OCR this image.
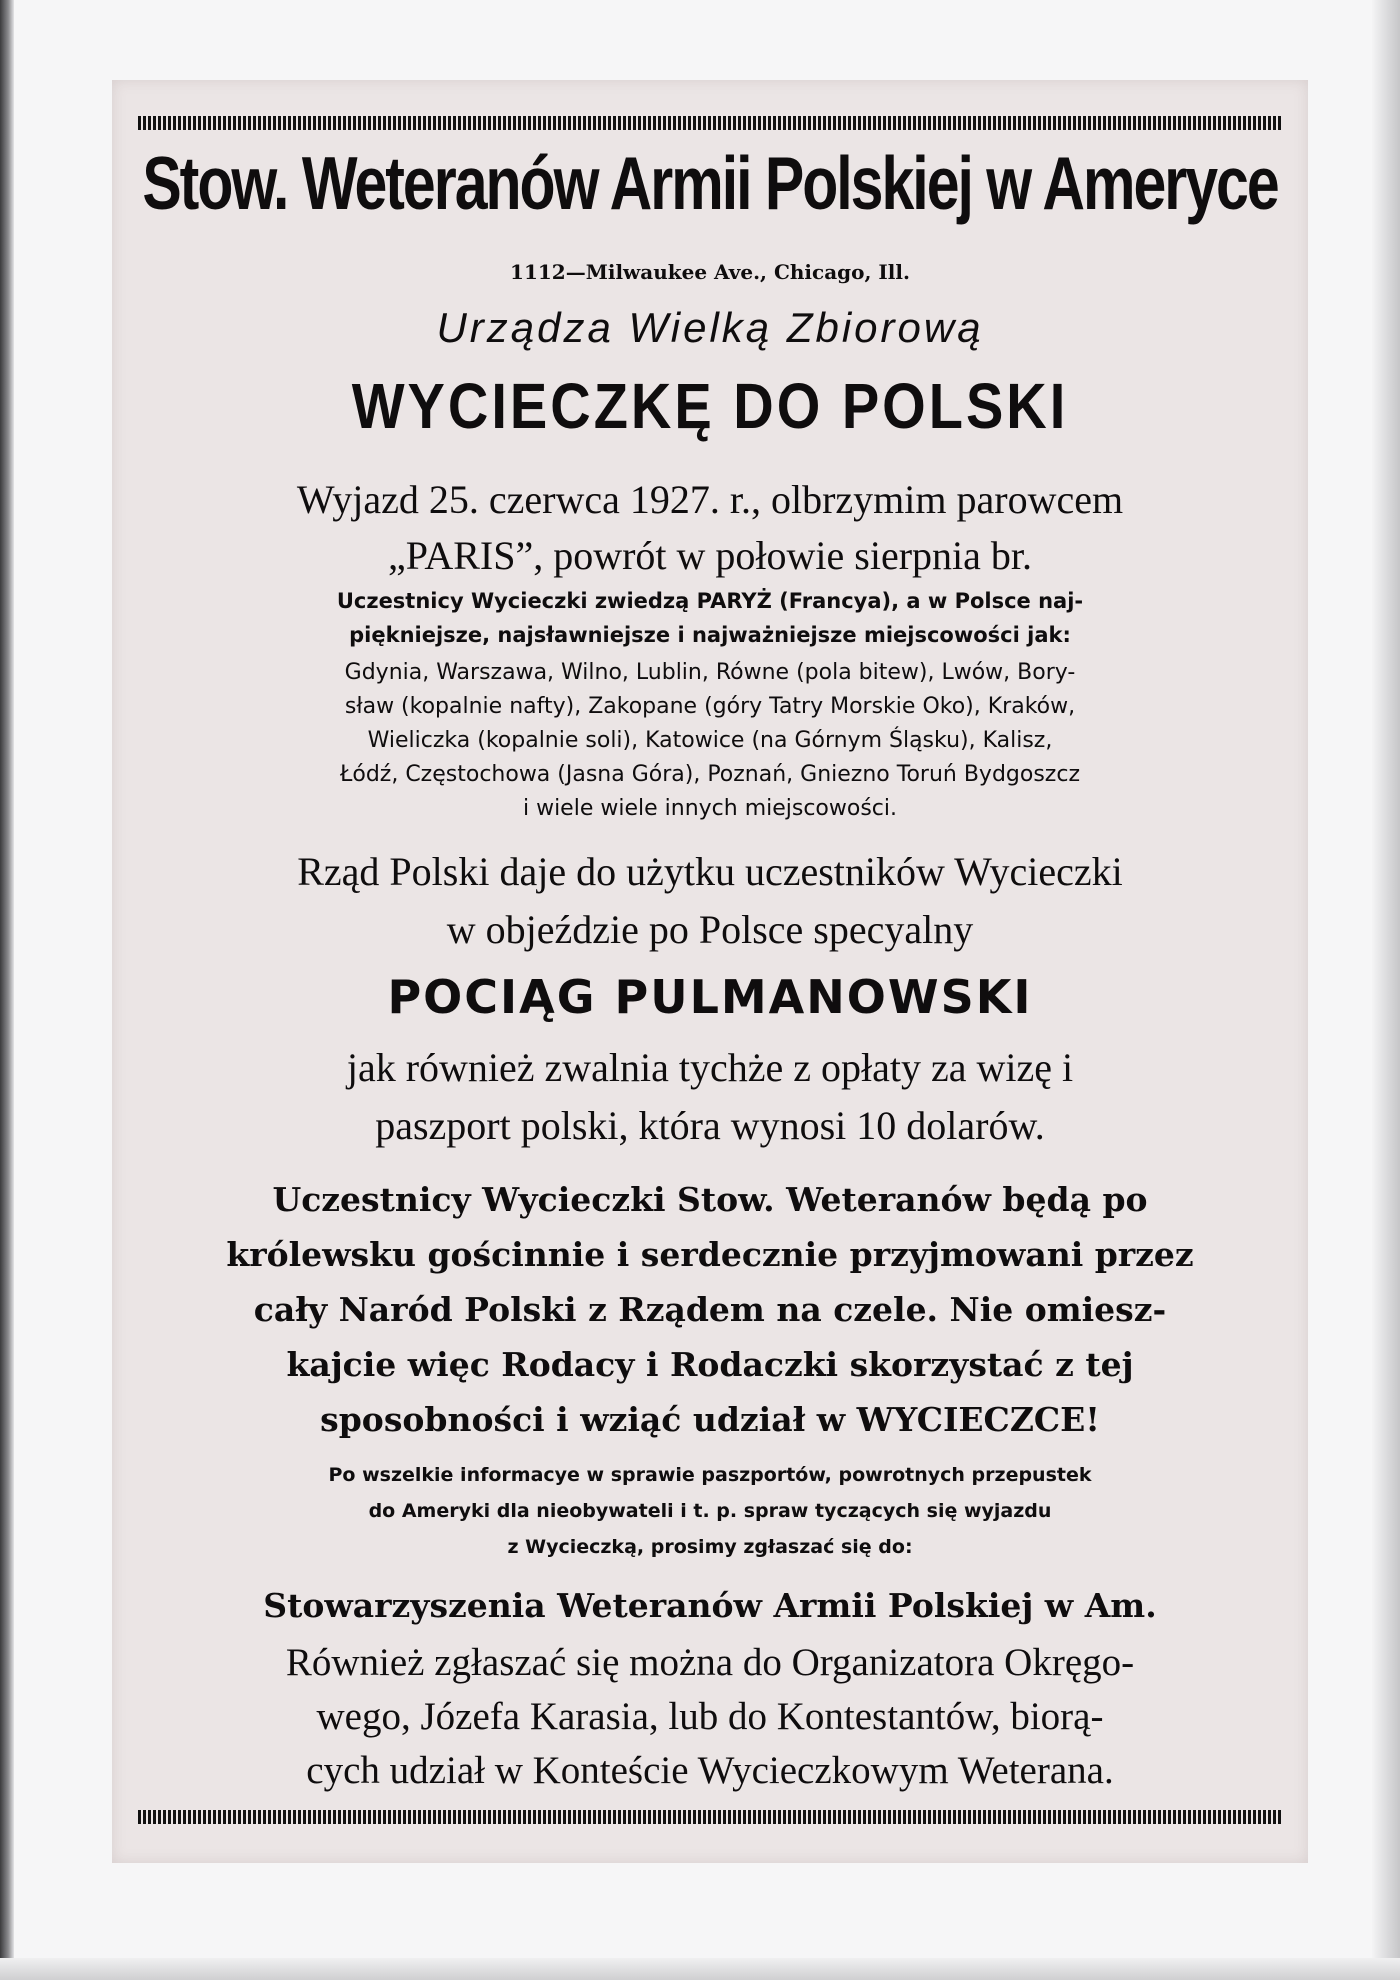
Stow. Weteranów Armii Polskiej w Ameryce
1112—Milwaukee Ave., Chicago, Ill.
Urządza Wielką Zbiorową
WYCIECZKĘ DO POLSKI
Wyjazd 25. czerwca 1927. r., olbrzymim parowcem
„PARIS”, powrót w połowie sierpnia br.
Uczestnicy Wycieczki zwiedzą PARYŻ (Francya), a w Polsce naj-
piękniejsze, najsławniejsze i najważniejsze miejscowości jak:
Gdynia, Warszawa, Wilno, Lublin, Równe (pola bitew), Lwów, Bory-
sław (kopalnie nafty), Zakopane (góry Tatry Morskie Oko), Kraków,
Wieliczka (kopalnie soli), Katowice (na Górnym Śląsku), Kalisz,
Łódź, Częstochowa (Jasna Góra), Poznań, Gniezno Toruń Bydgoszcz
i wiele wiele innych miejscowości.
Rząd Polski daje do użytku uczestników Wycieczki
w objeździe po Polsce specyalny
POCIĄG PULMANOWSKI
jak również zwalnia tychże z opłaty za wizę i
paszport polski, która wynosi 10 dolarów.
Uczestnicy Wycieczki Stow. Weteranów będą po
królewsku gościnnie i serdecznie przyjmowani przez
cały Naród Polski z Rządem na czele. Nie omiesz-
kajcie więc Rodacy i Rodaczki skorzystać z tej
sposobności i wziąć udział w WYCIECZCE!
Po wszelkie informacye w sprawie paszportów, powrotnych przepustek
do Ameryki dla nieobywateli i t. p. spraw tyczących się wyjazdu
z Wycieczką, prosimy zgłaszać się do:
Stowarzyszenia Weteranów Armii Polskiej w Am.
Również zgłaszać się można do Organizatora Okręgo-
wego, Józefa Karasia, lub do Kontestantów, biorą-
cych udział w Konteście Wycieczkowym Weterana.
